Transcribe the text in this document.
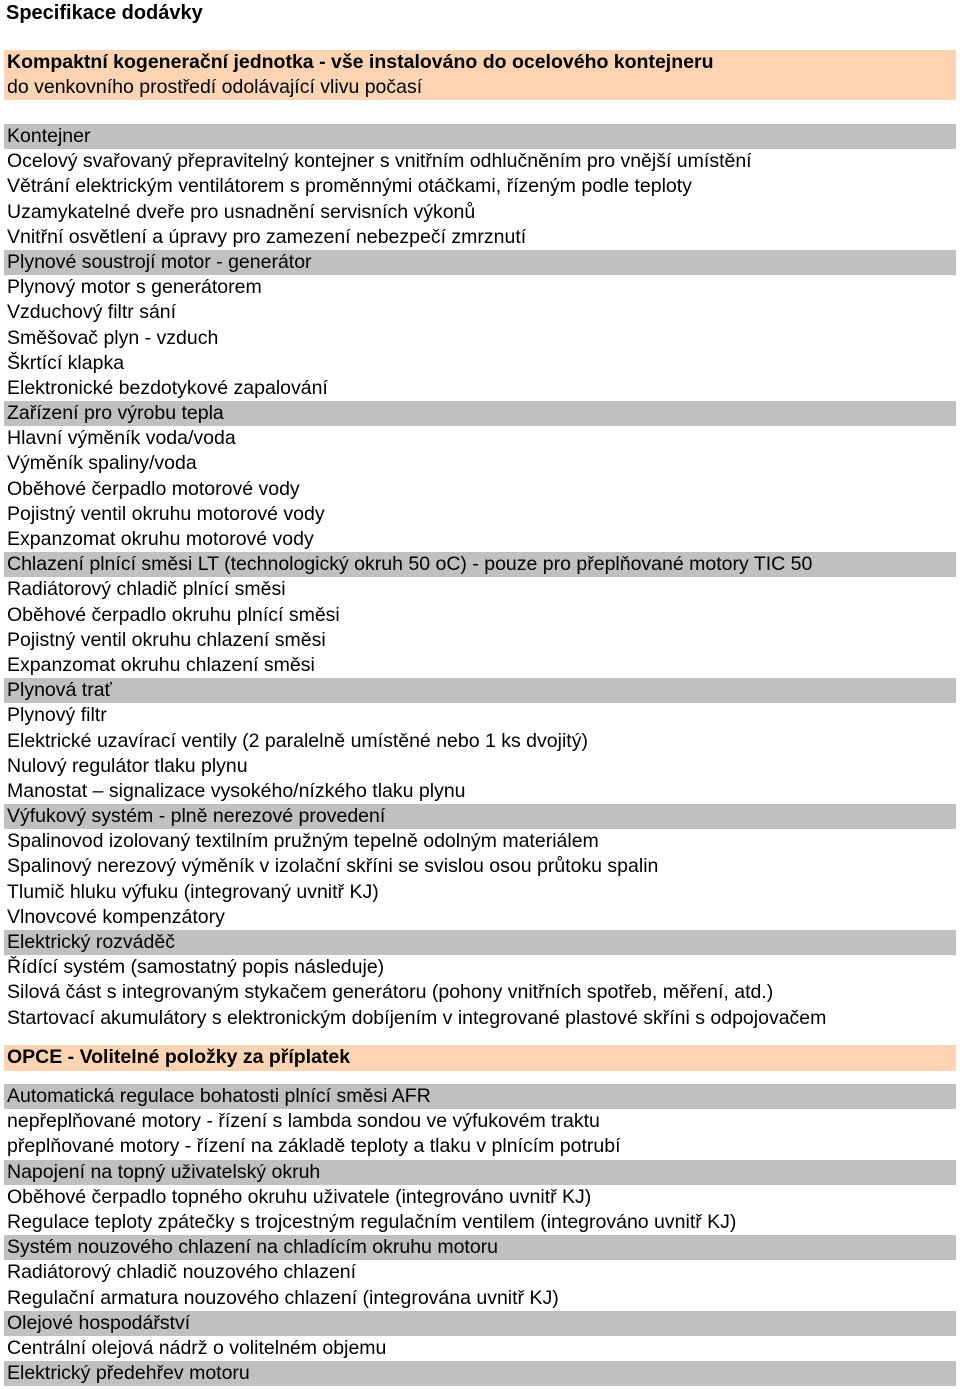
Specifikace dodávky
Kompaktní kogenerační jednotka - vše instalováno do ocelového kontejneru
do venkovního prostředí odolávající vlivu počasí
Kontejner
Ocelový svařovaný přepravitelný kontejner s vnitřním odhlučněním pro vnější umístění
Větrání elektrickým ventilátorem s proměnnými otáčkami, řízeným podle teploty
Uzamykatelné dveře pro usnadnění servisních výkonů
Vnitřní osvětlení a úpravy pro zamezení nebezpečí zmrznutí
Plynové soustrojí motor - generátor
Plynový motor s generátorem
Vzduchový filtr sání
Směšovač plyn - vzduch
Škrtící klapka
Elektronické bezdotykové zapalování
Zařízení pro výrobu tepla
Hlavní výměník voda/voda
Výměník spaliny/voda
Oběhové čerpadlo motorové vody
Pojistný ventil okruhu motorové vody
Expanzomat okruhu motorové vody
Chlazení plnící směsi LT (technologický okruh 50 oC) - pouze pro přeplňované motory TIC 50
Radiátorový chladič plnící směsi
Oběhové čerpadlo okruhu plnící směsi
Pojistný ventil okruhu chlazení směsi
Expanzomat okruhu chlazení směsi
Plynová trať
Plynový filtr
Elektrické uzavírací ventily (2 paralelně umístěné nebo 1 ks dvojitý)
Nulový regulátor tlaku plynu
Manostat – signalizace vysokého/nízkého tlaku plynu
Výfukový systém - plně nerezové provedení
Spalinovod izolovaný textilním pružným tepelně odolným materiálem
Spalinový nerezový výměník v izolační skříni se svislou osou průtoku spalin
Tlumič hluku výfuku (integrovaný uvnitř KJ)
Vlnovcové kompenzátory
Elektrický rozváděč
Řídící systém (samostatný popis následuje)
Silová část s integrovaným stykačem generátoru (pohony vnitřních spotřeb, měření, atd.)
Startovací akumulátory s elektronickým dobíjením v integrované plastové skříni s odpojovačem
OPCE - Volitelné položky za příplatek
Automatická regulace bohatosti plnící směsi AFR
nepřeplňované motory - řízení s lambda sondou ve výfukovém traktu
přeplňované motory - řízení na základě teploty a tlaku v plnícím potrubí
Napojení na topný uživatelský okruh
Oběhové čerpadlo topného okruhu uživatele (integrováno uvnitř KJ)
Regulace teploty zpátečky s trojcestným regulačním ventilem (integrováno uvnitř KJ)
Systém nouzového chlazení na chladícím okruhu motoru
Radiátorový chladič nouzového chlazení
Regulační armatura nouzového chlazení (integrována uvnitř KJ)
Olejové hospodářství
Centrální olejová nádrž o volitelném objemu
Elektrický předehřev motoru
